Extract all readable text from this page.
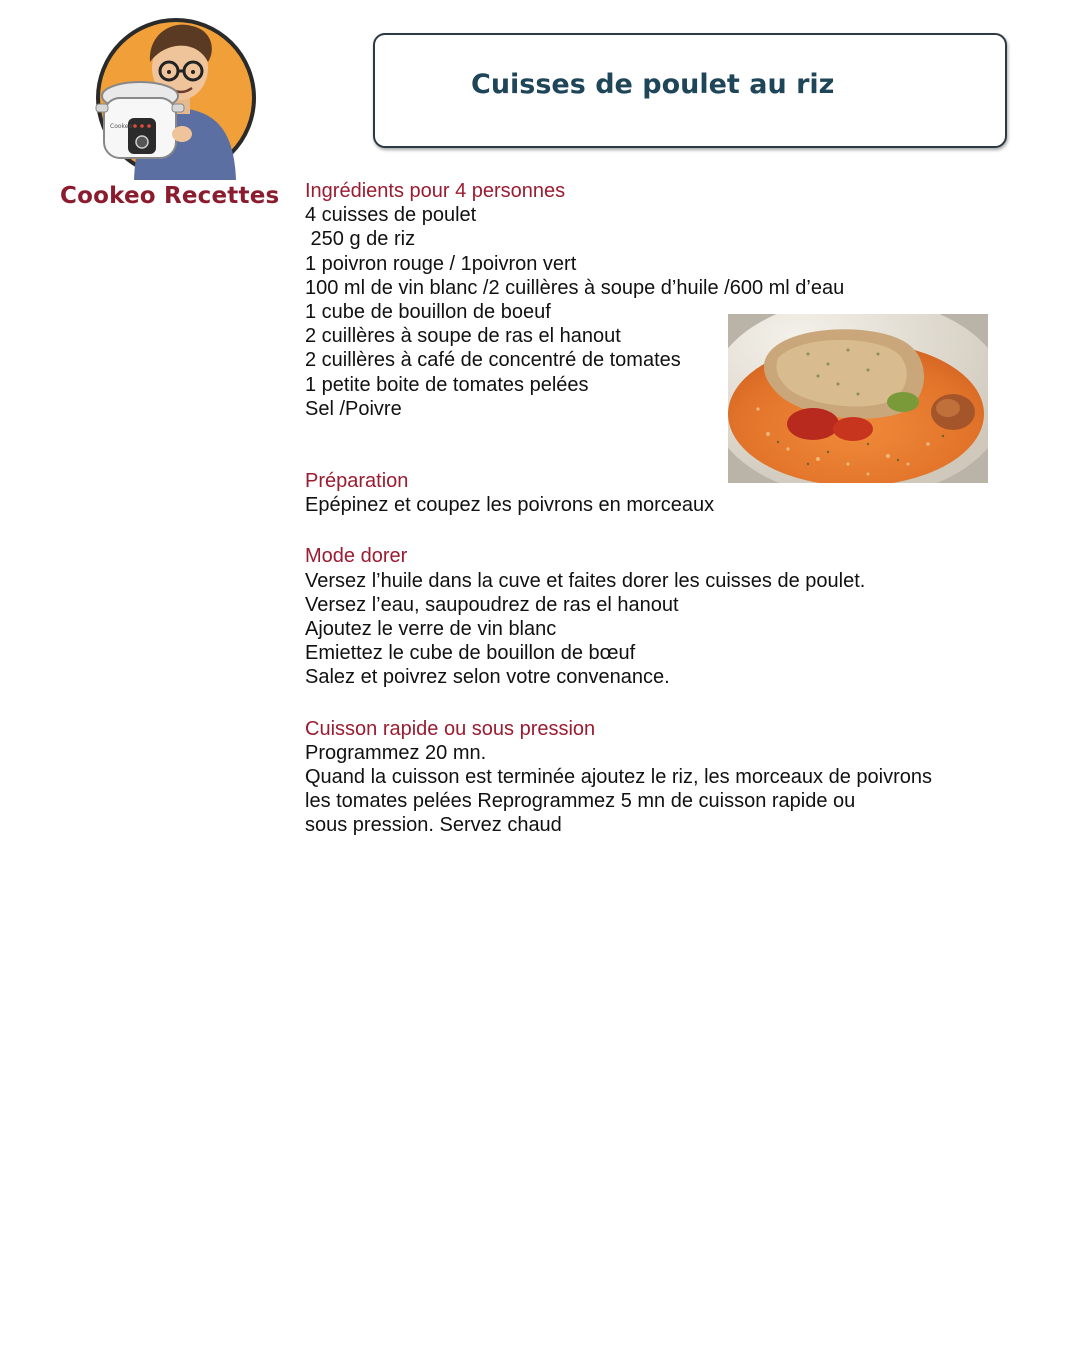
Cookeo
Cookeo Recettes
Cuisses de poulet au riz
Ingrédients pour 4 personnes
4 cuisses de poulet
250 g de riz
1 poivron rouge / 1poivron vert
100 ml de vin blanc /2 cuillères à soupe d’huile /600 ml d’eau
1 cube de bouillon de boeuf
2 cuillères à soupe de ras el hanout
2 cuillères à café de concentré de tomates
1 petite boite de tomates pelées
Sel /Poivre
Préparation
Epépinez et coupez les poivrons en morceaux
Mode dorer
Versez l’huile dans la cuve et faites dorer les cuisses de poulet.
Versez l’eau, saupoudrez de ras el hanout
Ajoutez le verre de vin blanc
Emiettez le cube de bouillon de bœuf
Salez et poivrez selon votre convenance.
Cuisson rapide ou sous pression
Programmez 20 mn.
Quand la cuisson est terminée ajoutez le riz, les morceaux de poivrons
les tomates pelées Reprogrammez 5 mn de cuisson rapide ou
sous pression. Servez chaud
